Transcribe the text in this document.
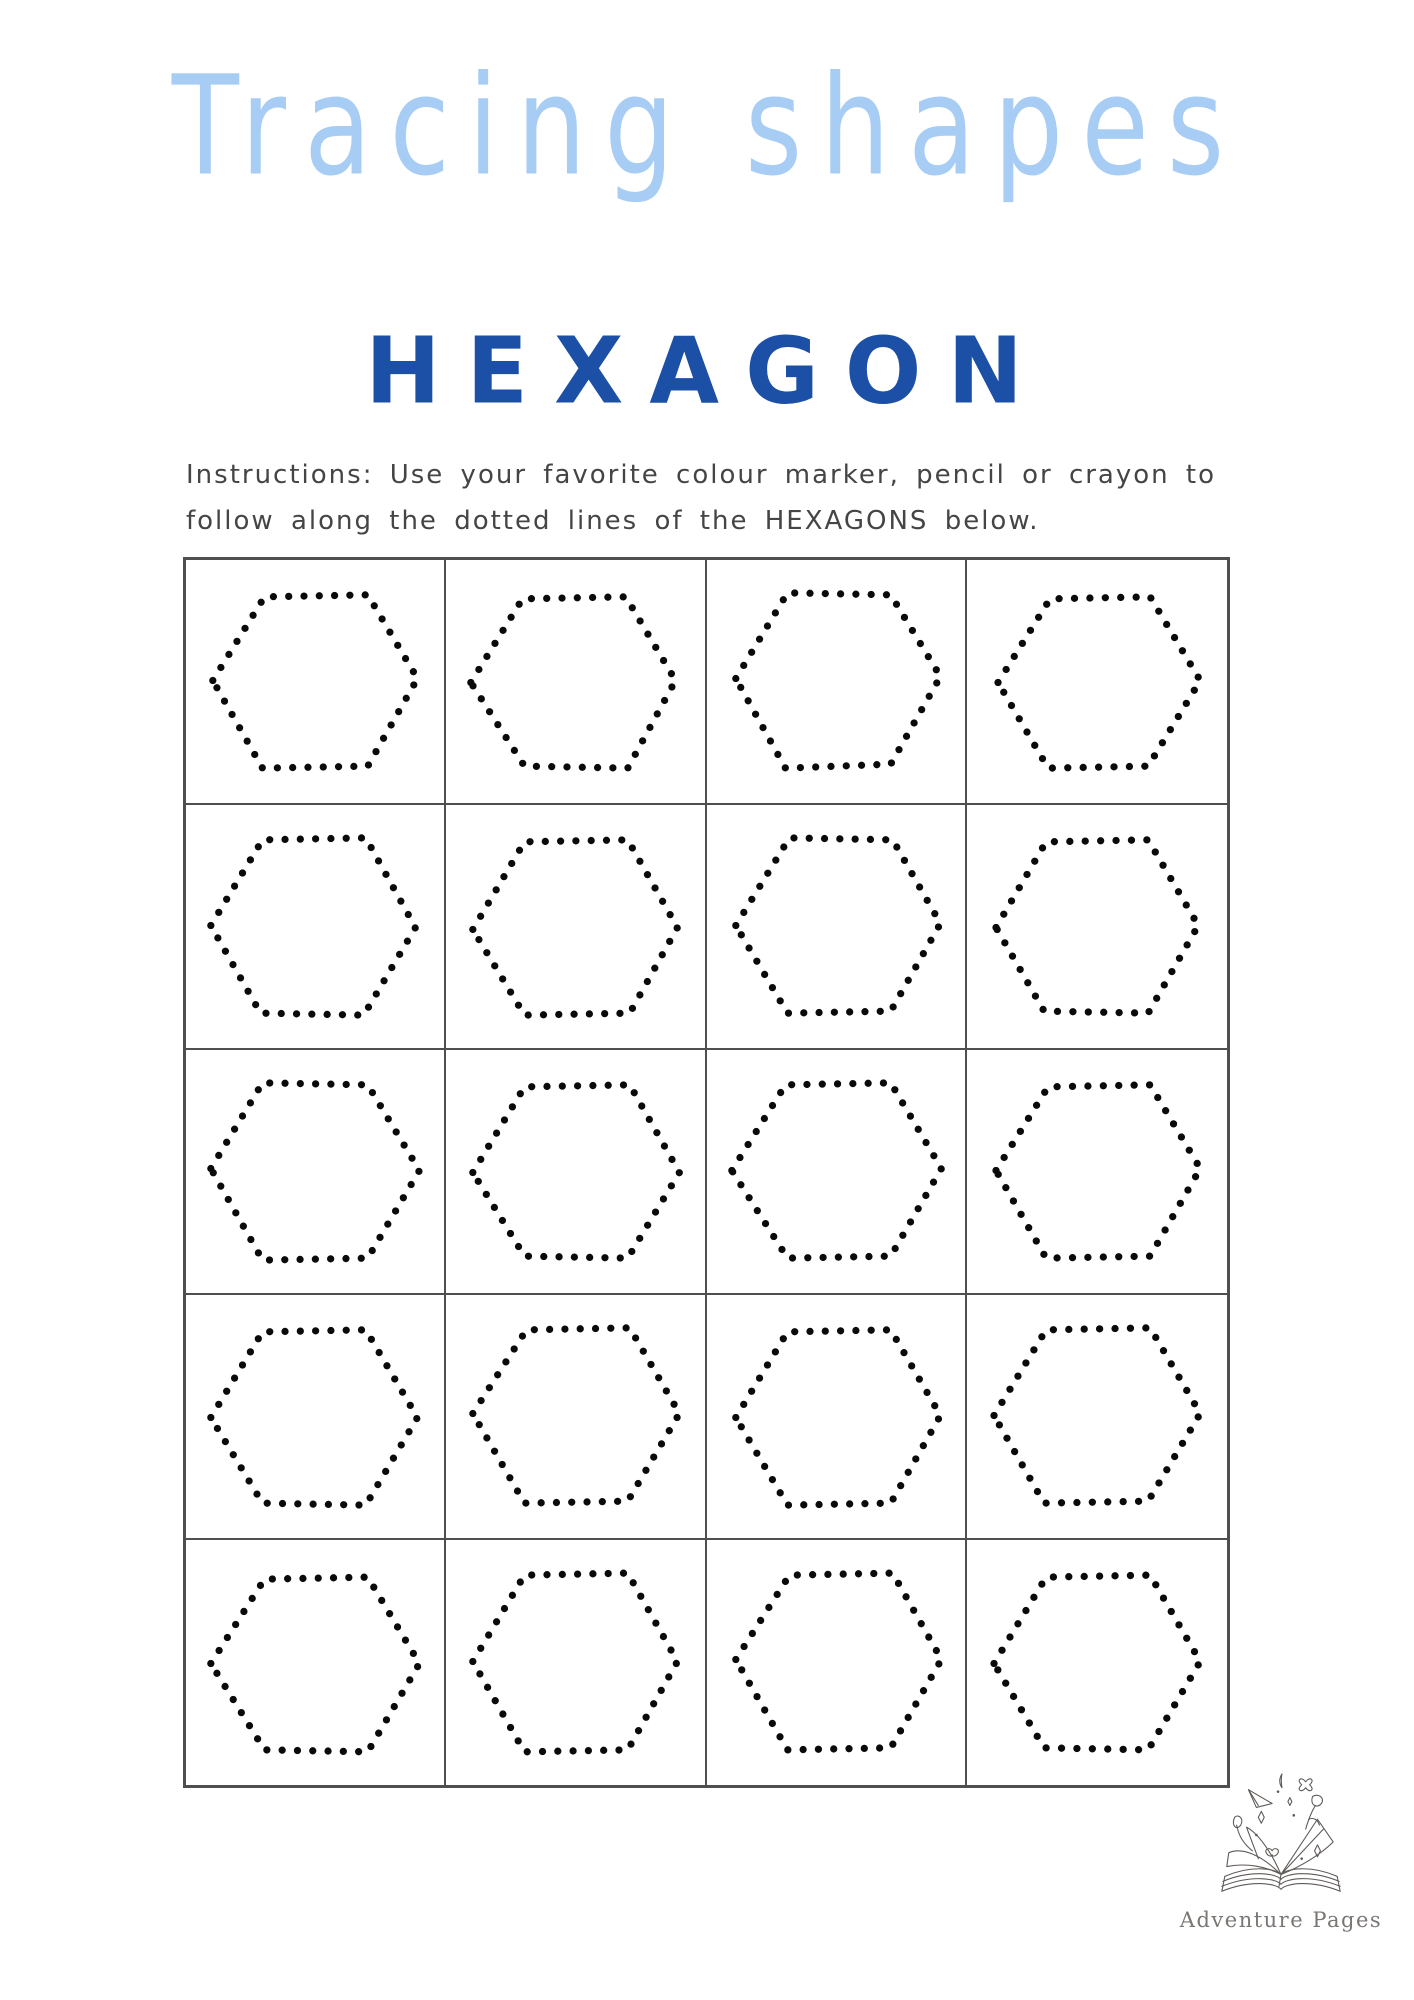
Tracing shapes
HEXAGON
Instructions: Use your favorite colour marker, pencil or crayon to
follow along the dotted lines of the HEXAGONS below.
Adventure Pages
